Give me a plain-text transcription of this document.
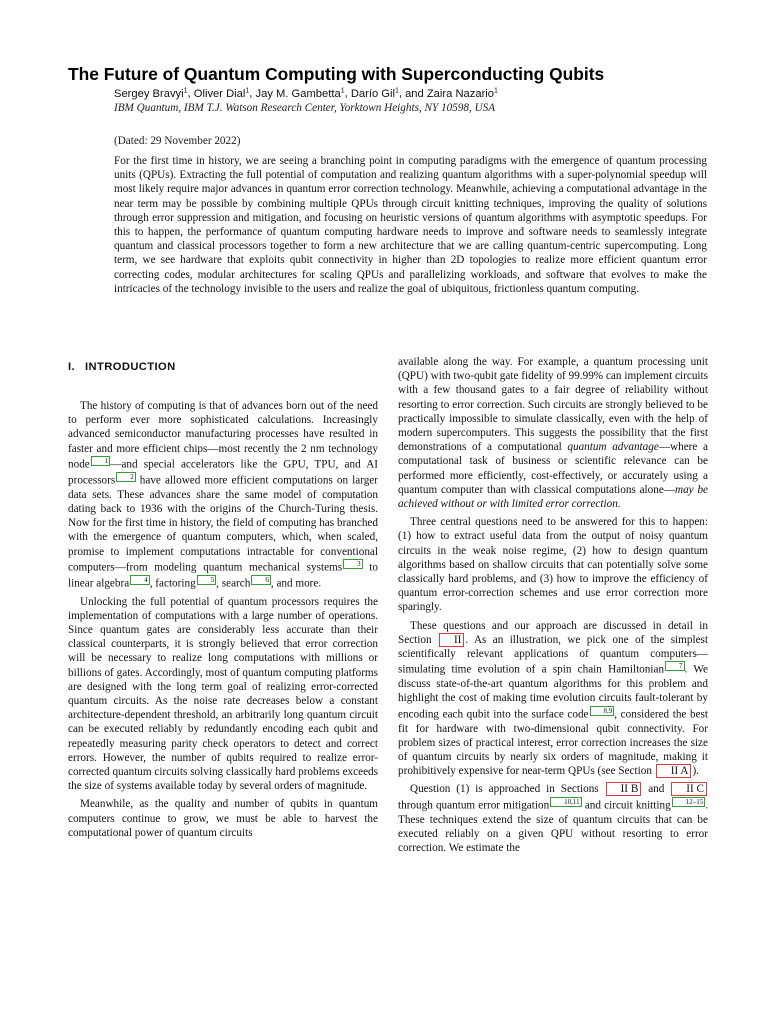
The Future of Quantum Computing with Superconducting Qubits
Sergey Bravyi$^1$, Oliver Dial$^1$, Jay M. Gambetta$^1$, Darío Gil$^1$, and Zaira Nazario$^1$
IBM Quantum, IBM T.J. Watson Research Center, Yorktown Heights, NY 10598, USA
(Dated: 29 November 2022)

For the first time in history, we are seeing a branching point in computing paradigms with the emergence of quantum processing units (QPUs). Extracting the full potential of computation and realizing quantum algorithms with a super-polynomial speedup will most likely require major advances in quantum error correction technology. Meanwhile, achieving a computational advantage in the near term may be possible by combining multiple QPUs through circuit knitting techniques, improving the quality of solutions through error suppression and mitigation, and focusing on heuristic versions of quantum algorithms with asymptotic speedups. For this to happen, the performance of quantum computing hardware needs to improve and software needs to seamlessly integrate quantum and classical processors together to form a new architecture that we are calling quantum-centric supercomputing. Long term, we see hardware that exploits qubit connectivity in higher than 2D topologies to realize more efficient quantum error correcting codes, modular architectures for scaling QPUs and parallelizing workloads, and software that evolves to make the intricacies of the technology invisible to the users and realize the goal of ubiquitous, frictionless quantum computing.

I. INTRODUCTION

The history of computing is that of advances born out of the need to perform ever more sophisticated calculations. Increasingly advanced semiconductor manufacturing processes have resulted in faster and more efficient chips—most recently the 2 nm technology node 1 —and special accelerators like the GPU, TPU, and AI processors 2 have allowed more efficient computations on larger data sets. These advances share the same model of computation dating back to 1936 with the origins of the Church-Turing thesis. Now for the first time in history, the field of computing has branched with the emergence of quantum computers, which, when scaled, promise to implement computations intractable for conventional computers—from modeling quantum mechanical systems 3 to linear algebra 4 , factoring 5 , search 6 , and more.

Unlocking the full potential of quantum processors requires the implementation of computations with a large number of operations. Since quantum gates are considerably less accurate than their classical counterparts, it is strongly believed that error correction will be necessary to realize long computations with millions or billions of gates. Accordingly, most of quantum computing platforms are designed with the long term goal of realizing error-corrected quantum circuits. As the noise rate decreases below a constant architecture-dependent threshold, an arbitrarily long quantum circuit can be executed reliably by redundantly encoding each qubit and repeatedly measuring parity check operators to detect and correct errors. However, the number of qubits required to realize error-corrected quantum circuits solving classically hard problems exceeds the size of systems available today by several orders of magnitude.

Meanwhile, as the quality and number of qubits in quantum computers continue to grow, we must be able to harvest the computational power of quantum circuits

available along the way. For example, a quantum processing unit (QPU) with two-qubit gate fidelity of 99.99% can implement circuits with a few thousand gates to a fair degree of reliability without resorting to error correction. Such circuits are strongly believed to be practically impossible to simulate classically, even with the help of modern supercomputers. This suggests the possibility that the first demonstrations of a computational quantum advantage—where a computational task of business or scientific relevance can be performed more efficiently, cost-effectively, or accurately using a quantum computer than with classical computations alone—may be achieved without or with limited error correction.

Three central questions need to be answered for this to happen: (1) how to extract useful data from the output of noisy quantum circuits in the weak noise regime, (2) how to design quantum algorithms based on shallow circuits that can potentially solve some classically hard problems, and (3) how to improve the efficiency of quantum error-correction schemes and use error correction more sparingly.

These questions and our approach are discussed in detail in Section II . As an illustration, we pick one of the simplest scientifically relevant applications of quantum computers—simulating time evolution of a spin chain Hamiltonian 7 . We discuss state-of-the-art quantum algorithms for this problem and highlight the cost of making time evolution circuits fault-tolerant by encoding each qubit into the surface code 8,9 , considered the best fit for hardware with two-dimensional qubit connectivity. For problem sizes of practical interest, error correction increases the size of quantum circuits by nearly six orders of magnitude, making it prohibitively expensive for near-term QPUs (see Section II A ).

Question (1) is approached in Sections II B and II C through quantum error mitigation 10,11 and circuit knitting 12–15 . These techniques extend the size of quantum circuits that can be executed reliably on a given QPU without resorting to error correction. We estimate the
